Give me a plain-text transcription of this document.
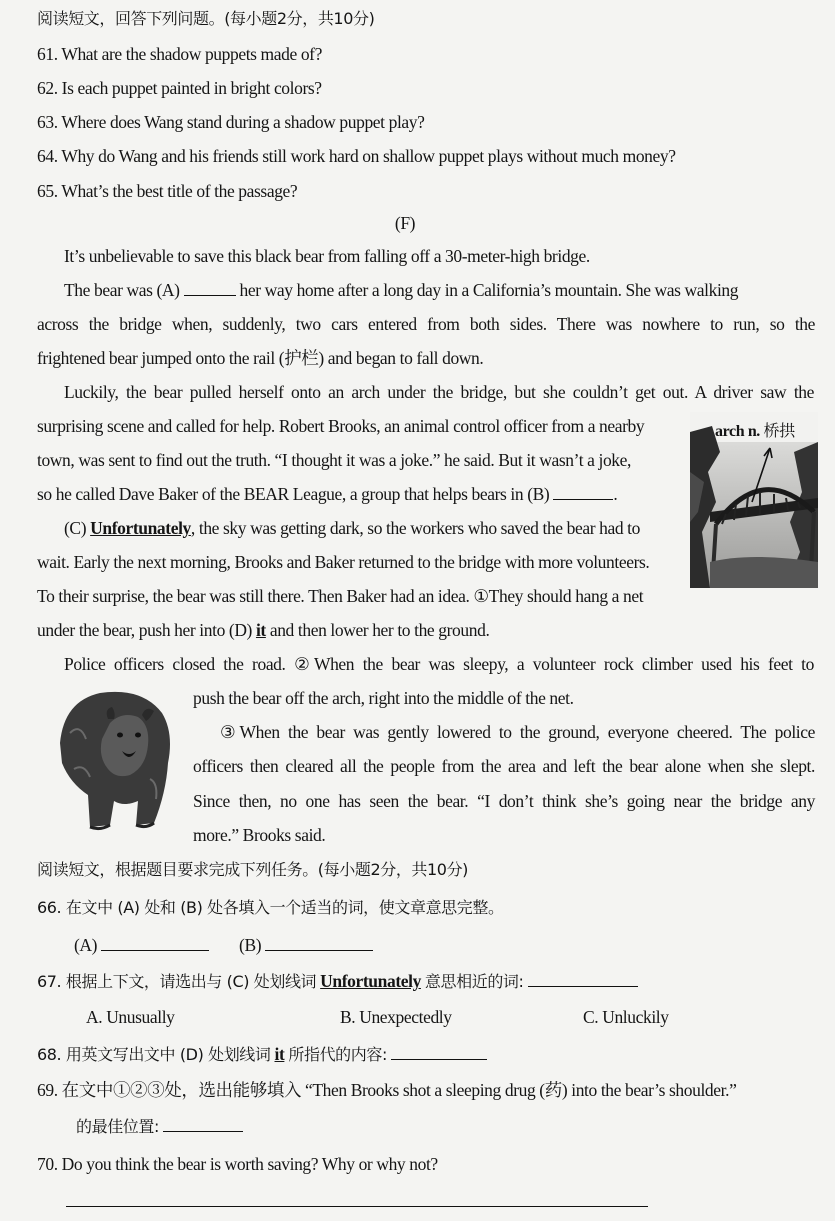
阅读短文，回答下列问题。(每小题2分，共10分)
61. What are the shadow puppets made of?
62. Is each puppet painted in bright colors?
63. Where does Wang stand during a shadow puppet play?
64. Why do Wang and his friends still work hard on shallow puppet plays without much money?
65. What’s the best title of the passage?
(F)
It’s unbelievable to save this black bear from falling off a 30-meter-high bridge.
The bear was (A)	her way home after a long day in a California’s mountain. She was walking
across the bridge when, suddenly, two cars entered from both sides. There was nowhere to run, so the
frightened bear jumped onto the rail (护栏) and began to fall down.
Luckily, the bear pulled herself onto an arch under the bridge, but she couldn’t get out. A driver saw the
surprising scene and called for help. Robert Brooks, an animal control officer from a nearby
town, was sent to find out the truth. “I thought it was a joke.” he said. But it wasn’t a joke,
so he called Dave Baker of the BEAR League, a group that helps bears in (B)	.
(C) Unfortunately, the sky was getting dark, so the workers who saved the bear had to
wait. Early the next morning, Brooks and Baker returned to the bridge with more volunteers.
To their surprise, the bear was still there. Then Baker had an idea. ①They should hang a net
under the bear, push her into (D) it and then lower her to the ground.
Police officers closed the road. ②When the bear was sleepy, a volunteer rock climber used his feet to
push the bear off the arch, right into the middle of the net.
③When the bear was gently lowered to the ground, everyone cheered. The police
officers then cleared all the people from the area and left the bear alone when she slept.
Since then, no one has seen the bear. “I don’t think she’s going near the bridge any
more.” Brooks said.
arch n. 桥拱
阅读短文，根据题目要求完成下列任务。(每小题2分，共10分)
66. 在文中 (A) 处和 (B) 处各填入一个适当的词，使文章意思完整。
(A)	(B)
67. 根据上下文，请选出与 (C) 处划线词 Unfortunately 意思相近的词:
A. Unusually	B. Unexpectedly	C. Unluckily
68. 用英文写出文中 (D) 处划线词 it 所指代的内容:
69. 在文中①②③处，选出能够填入 “Then Brooks shot a sleeping drug (药) into the bear’s shoulder.”
的最佳位置:
70. Do you think the bear is worth saving? Why or why not?
